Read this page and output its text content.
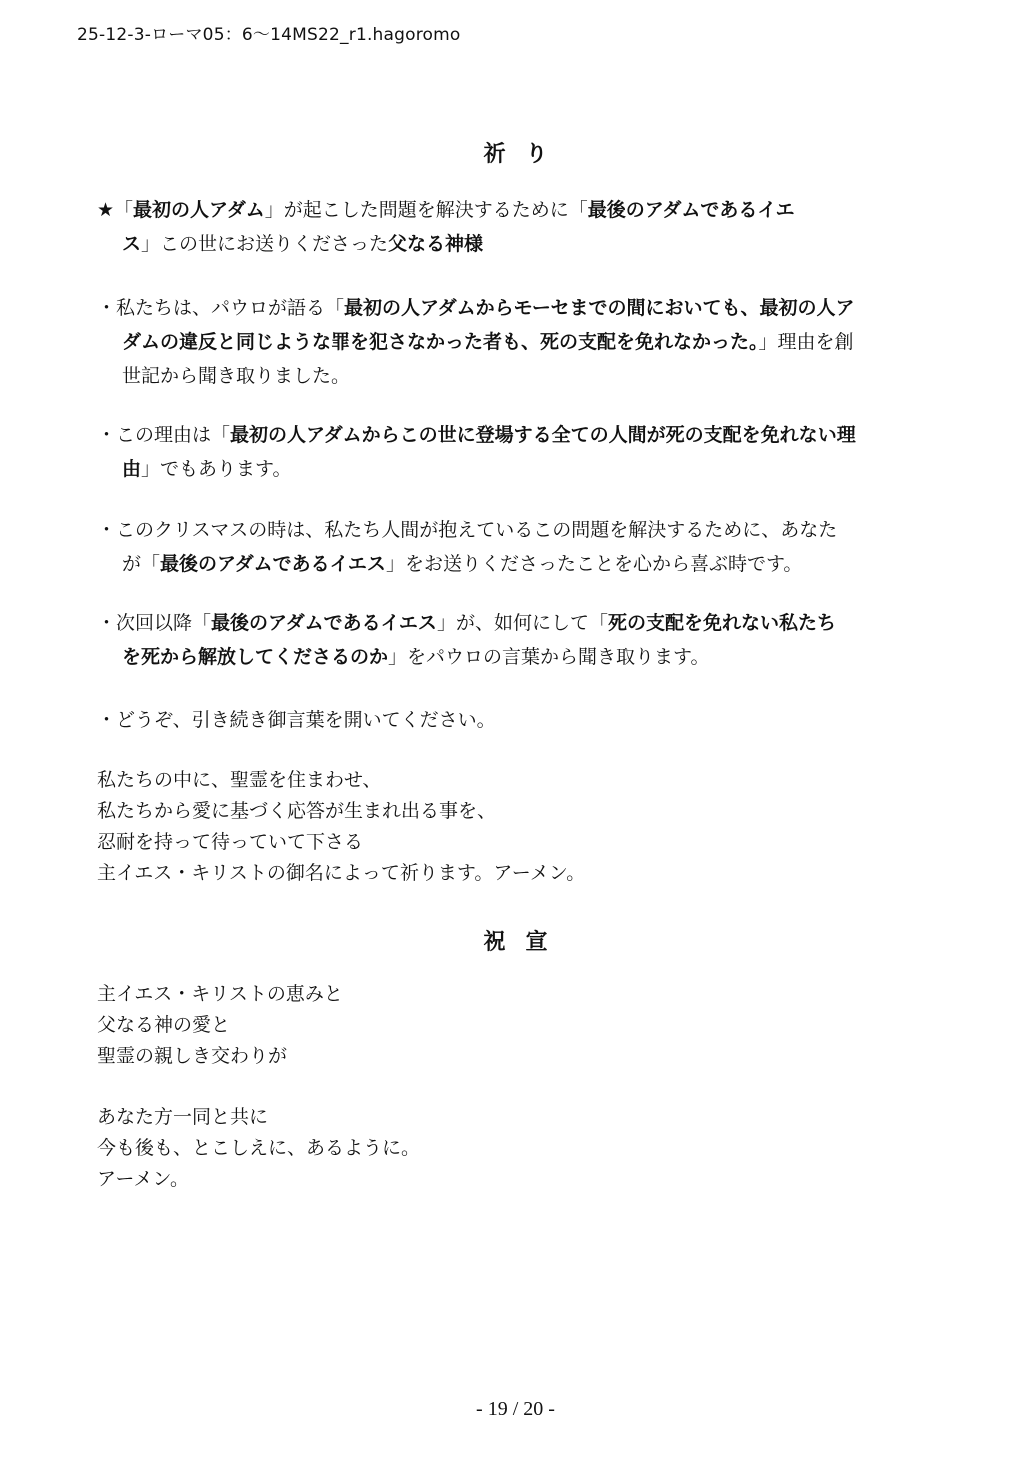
25-12-3-ローマ05：6～14MS22_r1.hagoromo
祈り
★「最初の人アダム」が起こした問題を解決するために「最後のアダムであるイエ
ス」この世にお送りくださった父なる神様
・私たちは、パウロが語る「最初の人アダムからモーセまでの間においても、最初の人ア
ダムの違反と同じような罪を犯さなかった者も、死の支配を免れなかった。」理由を創
世記から聞き取りました。
・この理由は「最初の人アダムからこの世に登場する全ての人間が死の支配を免れない理
由」でもあります。
・このクリスマスの時は、私たち人間が抱えているこの問題を解決するために、あなた
が「最後のアダムであるイエス」をお送りくださったことを心から喜ぶ時です。
・次回以降「最後のアダムであるイエス」が、如何にして「死の支配を免れない私たち
を死から解放してくださるのか」をパウロの言葉から聞き取ります。
・どうぞ、引き続き御言葉を開いてください。
私たちの中に、聖霊を住まわせ、
私たちから愛に基づく応答が生まれ出る事を、
忍耐を持って待っていて下さる
主イエス・キリストの御名によって祈ります。アーメン。
祝宣
主イエス・キリストの恵みと
父なる神の愛と
聖霊の親しき交わりが
あなた方一同と共に
今も後も、とこしえに、あるように。
アーメン。
- 19 / 20 -
